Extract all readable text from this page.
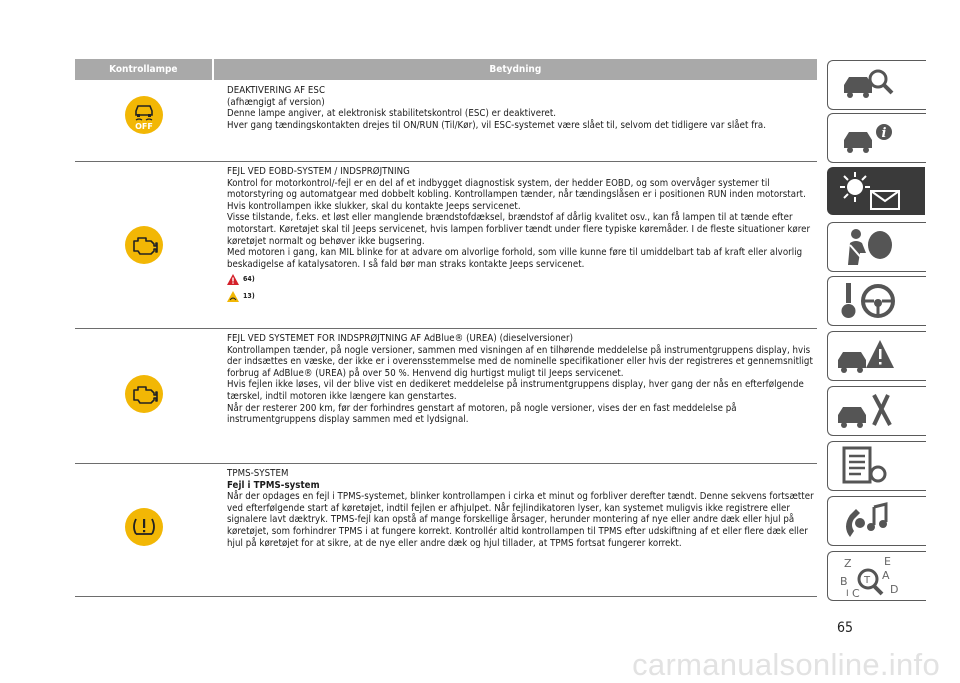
Kontrollampe	Betydning
OFF

DEAKTIVERING AF ESC

(afhængigt af version)

Denne lampe angiver, at elektronisk stabilitetskontrol (ESC) er deaktiveret.

Hver gang tændingskontakten drejes til ON/RUN (Til/Kør), vil ESC-systemet være slået til, selvom det tidligere var slået fra.

FEJL VED EOBD-SYSTEM / INDSPRØJTNING

Kontrol for motorkontrol/-fejl er en del af et indbygget diagnostisk system, der hedder EOBD, og som overvåger systemer til motorstyring og automatgear med dobbelt kobling. Kontrollampen tænder, når tændingslåsen er i positionen RUN inden motorstart. Hvis kontrollampen ikke slukker, skal du kontakte Jeeps servicenet.

Visse tilstande, f.eks. et løst eller manglende brændstofdæksel, brændstof af dårlig kvalitet osv., kan få lampen til at tænde efter motorstart. Køretøjet skal til Jeeps servicenet, hvis lampen forbliver tændt under flere typiske køremåder. I de fleste situationer kører køretøjet normalt og behøver ikke bugsering.

Med motoren i gang, kan MIL blinke for at advare om alvorlige forhold, som ville kunne føre til umiddelbart tab af kraft eller alvorlig beskadigelse af katalysatoren. I så fald bør man straks kontakte Jeeps servicenet.

64)
13)

FEJL VED SYSTEMET FOR INDSPRØJTNING AF AdBlue® (UREA) (dieselversioner)

Kontrollampen tænder, på nogle versioner, sammen med visningen af en tilhørende meddelelse på instrumentgruppens display, hvis der indsættes en væske, der ikke er i overensstemmelse med de nominelle specifikationer eller hvis der registreres et gennemsnitligt forbrug af AdBlue® (UREA) på over 50 %. Henvend dig hurtigst muligt til Jeeps servicenet.

Hvis fejlen ikke løses, vil der blive vist en dedikeret meddelelse på instrumentgruppens display, hver gang der nås en efterfølgende tærskel, indtil motoren ikke længere kan genstartes.

Når der resterer 200 km, før der forhindres genstart af motoren, på nogle versioner, vises der en fast meddelelse på instrumentgruppens display sammen med et lydsignal.

TPMS-SYSTEM

Fejl i TPMS-system

Når der opdages en fejl i TPMS-systemet, blinker kontrollampen i cirka et minut og forbliver derefter tændt. Denne sekvens fortsætter ved efterfølgende start af køretøjet, indtil fejlen er afhjulpet. Når fejlindikatoren lyser, kan systemet muligvis ikke registrere eller signalere lavt dæktryk. TPMS-fejl kan opstå af mange forskellige årsager, herunder montering af nye eller andre dæk eller hjul på køretøjet, som forhindrer TPMS i at fungere korrekt. Kontrollér altid kontrollampen til TPMS efter udskiftning af et eller flere dæk eller hjul på køretøjet for at sikre, at de nye eller andre dæk og hjul tillader, at TPMS fortsat fungerer korrekt.

i
Z	E
B	A
C	D
T
I
65
carmanualsonline.info
